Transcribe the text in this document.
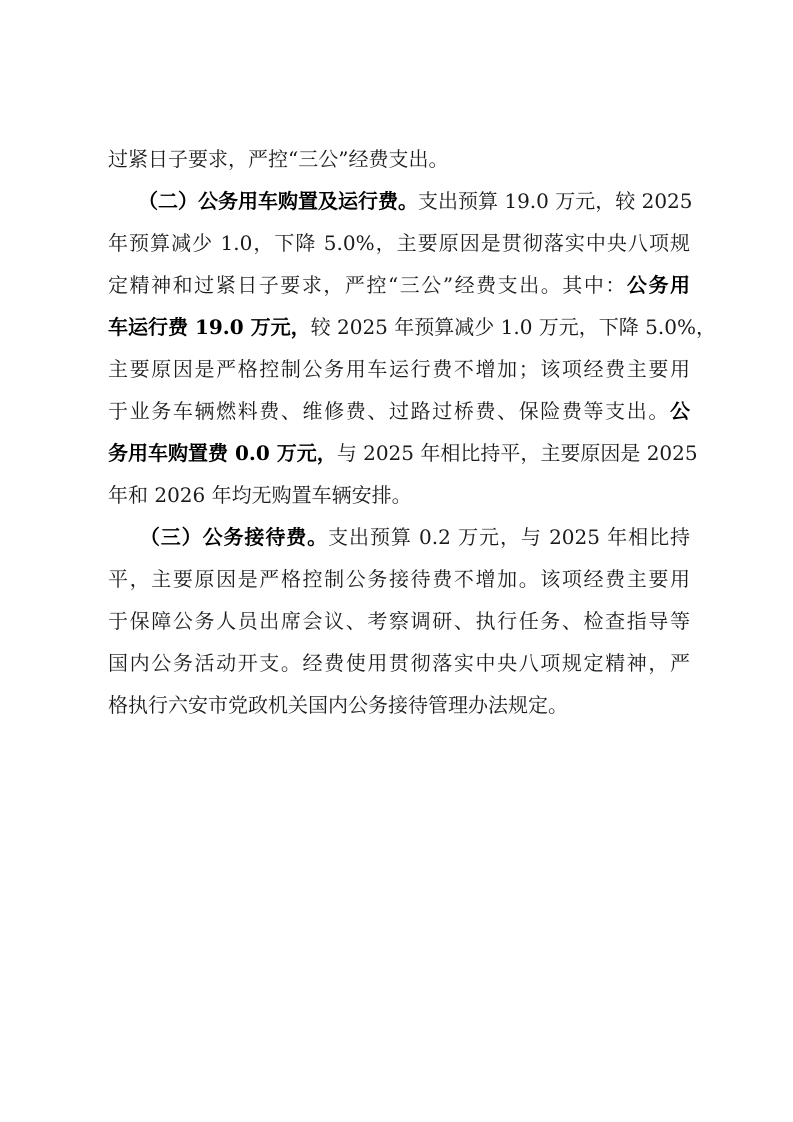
过紧日子要求，严控“三公”经费支出。
　　（二）公务用车购置及运行费。支出预算 19.0 万元，较 2025
年预算减少 1.0，下降 5.0%，主要原因是贯彻落实中央八项规
定精神和过紧日子要求，严控“三公”经费支出。其中：公务用
车运行费 19.0 万元，较 2025 年预算减少 1.0 万元，下降 5.0%，
主要原因是严格控制公务用车运行费不增加；该项经费主要用
于业务车辆燃料费、维修费、过路过桥费、保险费等支出。公
务用车购置费 0.0 万元，与 2025 年相比持平，主要原因是 2025
年和 2026 年均无购置车辆安排。
　　（三）公务接待费。支出预算 0.2 万元，与 2025 年相比持
平，主要原因是严格控制公务接待费不增加。该项经费主要用
于保障公务人员出席会议、考察调研、执行任务、检查指导等
国内公务活动开支。经费使用贯彻落实中央八项规定精神，严
格执行六安市党政机关国内公务接待管理办法规定。
